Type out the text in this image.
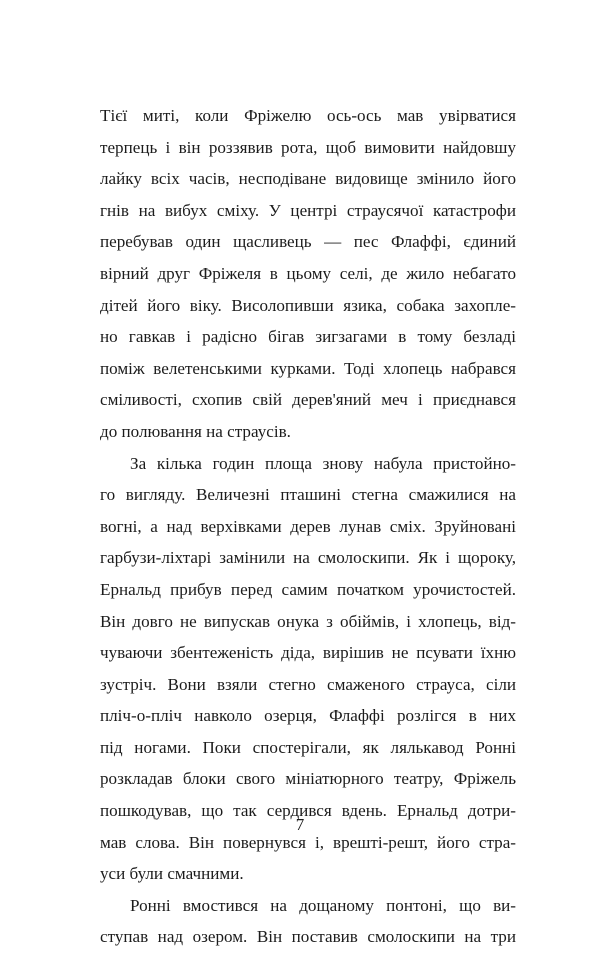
Тієї миті, коли Фріжелю ось-ось мав увірватися
терпець і він роззявив рота, щоб вимовити найдовшу
лайку всіх часів, несподіване видовище змінило його
гнів на вибух сміху. У центрі страусячої катастрофи
перебував один щасливець — пес Флаффі, єдиний
вірний друг Фріжеля в цьому селі, де жило небагато
дітей його віку. Висолопивши язика, собака захопле-
но гавкав і радісно бігав зигзагами в тому безладі
поміж велетенськими курками. Тоді хлопець набрався
сміливості, схопив свій дерев'яний меч і приєднався
до полювання на страусів.

За кілька годин площа знову набула пристойно-
го вигляду. Величезні пташині стегна смажилися на
вогні, а над верхівками дерев лунав сміх. Зруйновані
гарбузи-ліхтарі замінили на смолоскипи. Як і щороку,
Ернальд прибув перед самим початком урочистостей.
Він довго не випускав онука з обіймів, і хлопець, від-
чуваючи збентеженість діда, вирішив не псувати їхню
зустріч. Вони взяли стегно смаженого страуса, сіли
пліч-о-пліч навколо озерця, Флаффі розлігся в них
під ногами. Поки спостерігали, як лялькавод Ронні
розкладав блоки свого мініатюрного театру, Фріжель
пошкодував, що так сердився вдень. Ернальд дотри-
мав слова. Він повернувся і, врешті-решт, його стра-
уси були смачними.

Ронні вмостився на дощаному понтоні, що ви-
ступав над озером. Він поставив смолоскипи на три

7
